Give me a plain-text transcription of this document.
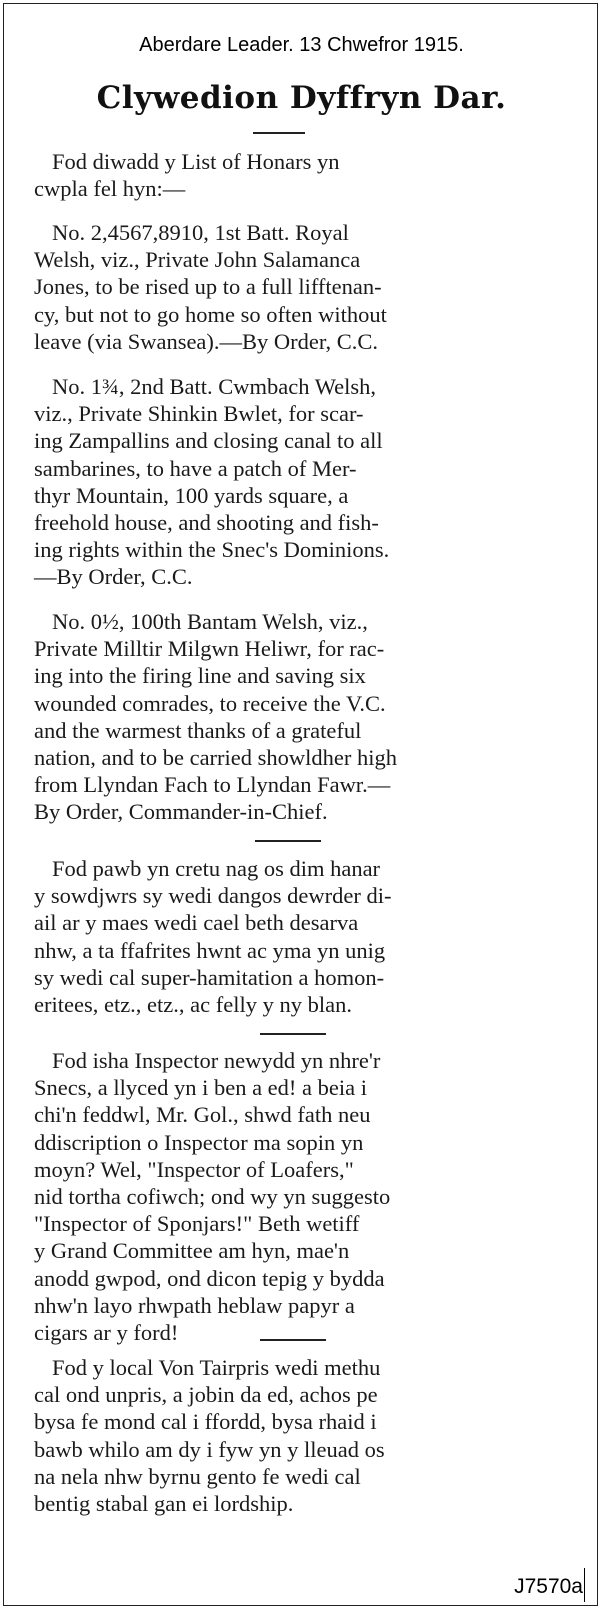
Aberdare Leader. 13 Chwefror 1915.
Clywedion Dyffryn Dar.

Fod diwadd y List of Honars yn
cwpla fel hyn:—

No. 2,4567,8910, 1st Batt. Royal
Welsh, viz., Private John Salamanca
Jones, to be rised up to a full lifftenan-
cy, but not to go home so often without
leave (via Swansea).—By Order, C.C.

No. 1¾, 2nd Batt. Cwmbach Welsh,
viz., Private Shinkin Bwlet, for scar-
ing Zampallins and closing canal to all
sambarines, to have a patch of Mer-
thyr Mountain, 100 yards square, a
freehold house, and shooting and fish-
ing rights within the Snec's Dominions.
—By Order, C.C.

No. 0½, 100th Bantam Welsh, viz.,
Private Milltir Milgwn Heliwr, for rac-
ing into the firing line and saving six
wounded comrades, to receive the V.C.
and the warmest thanks of a grateful
nation, and to be carried showldher high
from Llyndan Fach to Llyndan Fawr.—
By Order, Commander-in-Chief.

Fod pawb yn cretu nag os dim hanar
y sowdjwrs sy wedi dangos dewrder di-
ail ar y maes wedi cael beth desarva
nhw, a ta ffafrites hwnt ac yma yn unig
sy wedi cal super-hamitation a homon-
eritees, etz., etz., ac felly y ny blan.

Fod isha Inspector newydd yn nhre'r
Snecs, a llyced yn i ben a ed! a beia i
chi'n feddwl, Mr. Gol., shwd fath neu
ddiscription o Inspector ma sopin yn
moyn? Wel, "Inspector of Loafers,"
nid tortha cofiwch; ond wy yn suggesto
"Inspector of Sponjars!" Beth wetiff
y Grand Committee am hyn, mae'n
anodd gwpod, ond dicon tepig y bydda
nhw'n layo rhwpath heblaw papyr a
cigars ar y ford!

Fod y local Von Tairpris wedi methu
cal ond unpris, a jobin da ed, achos pe
bysa fe mond cal i ffordd, bysa rhaid i
bawb whilo am dy i fyw yn y lleuad os
na nela nhw byrnu gento fe wedi cal
bentig stabal gan ei lordship.

J7570a
